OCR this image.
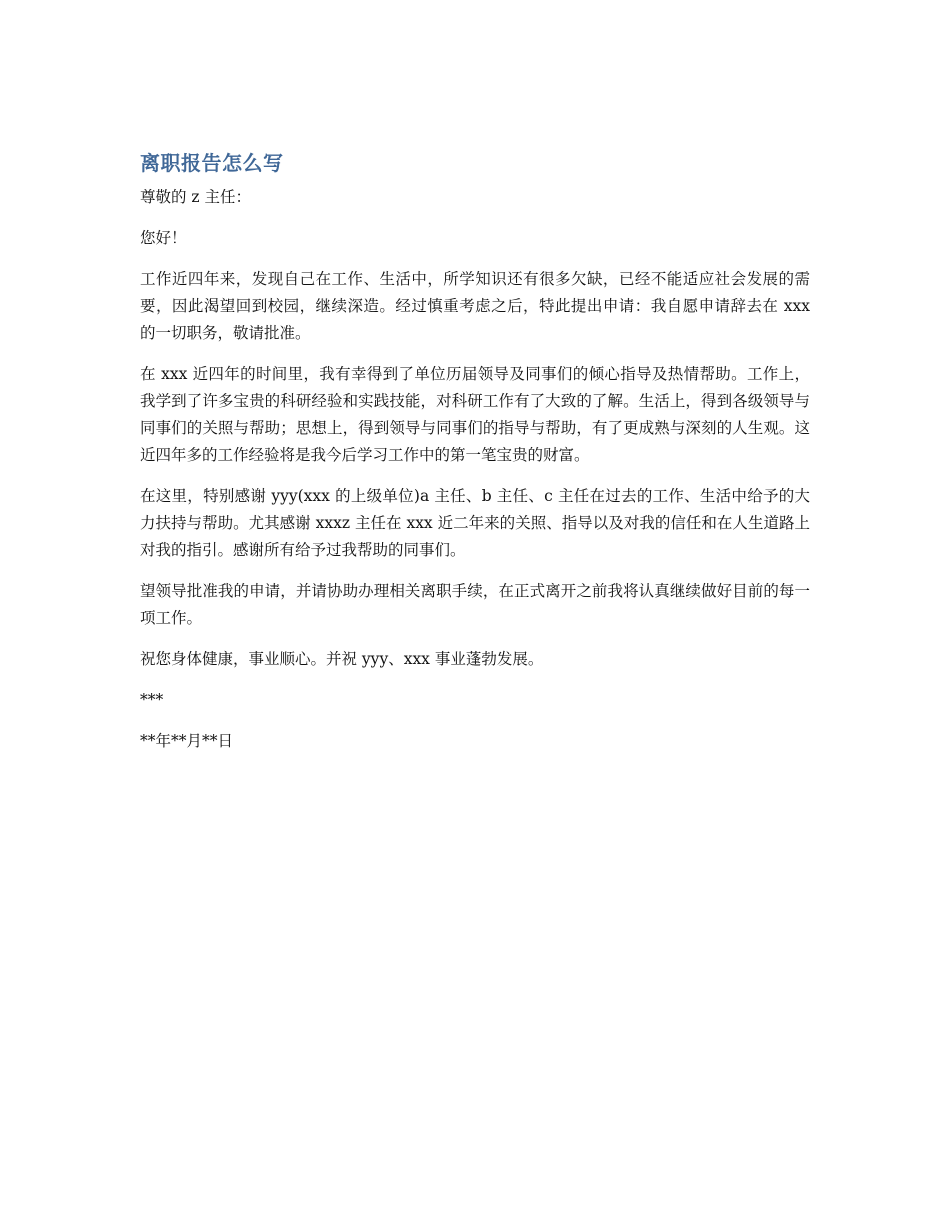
离职报告怎么写

尊敬的 z 主任：

您好！

工作近四年来，发现自己在工作、生活中，所学知识还有很多欠缺，已经不能适应社会发展的需要，因此渴望回到校园，继续深造。经过慎重考虑之后，特此提出申请：我自愿申请辞去在 xxx 的一切职务，敬请批准。

在 xxx 近四年的时间里，我有幸得到了单位历届领导及同事们的倾心指导及热情帮助。工作上，我学到了许多宝贵的科研经验和实践技能，对科研工作有了大致的了解。生活上，得到各级领导与同事们的关照与帮助；思想上，得到领导与同事们的指导与帮助，有了更成熟与深刻的人生观。这近四年多的工作经验将是我今后学习工作中的第一笔宝贵的财富。

在这里，特别感谢 yyy(xxx 的上级单位)a 主任、b 主任、c 主任在过去的工作、生活中给予的大力扶持与帮助。尤其感谢 xxxz 主任在 xxx 近二年来的关照、指导以及对我的信任和在人生道路上对我的指引。感谢所有给予过我帮助的同事们。

望领导批准我的申请，并请协助办理相关离职手续，在正式离开之前我将认真继续做好目前的每一项工作。

祝您身体健康，事业顺心。并祝 yyy、xxx 事业蓬勃发展。

***

**年**月**日
